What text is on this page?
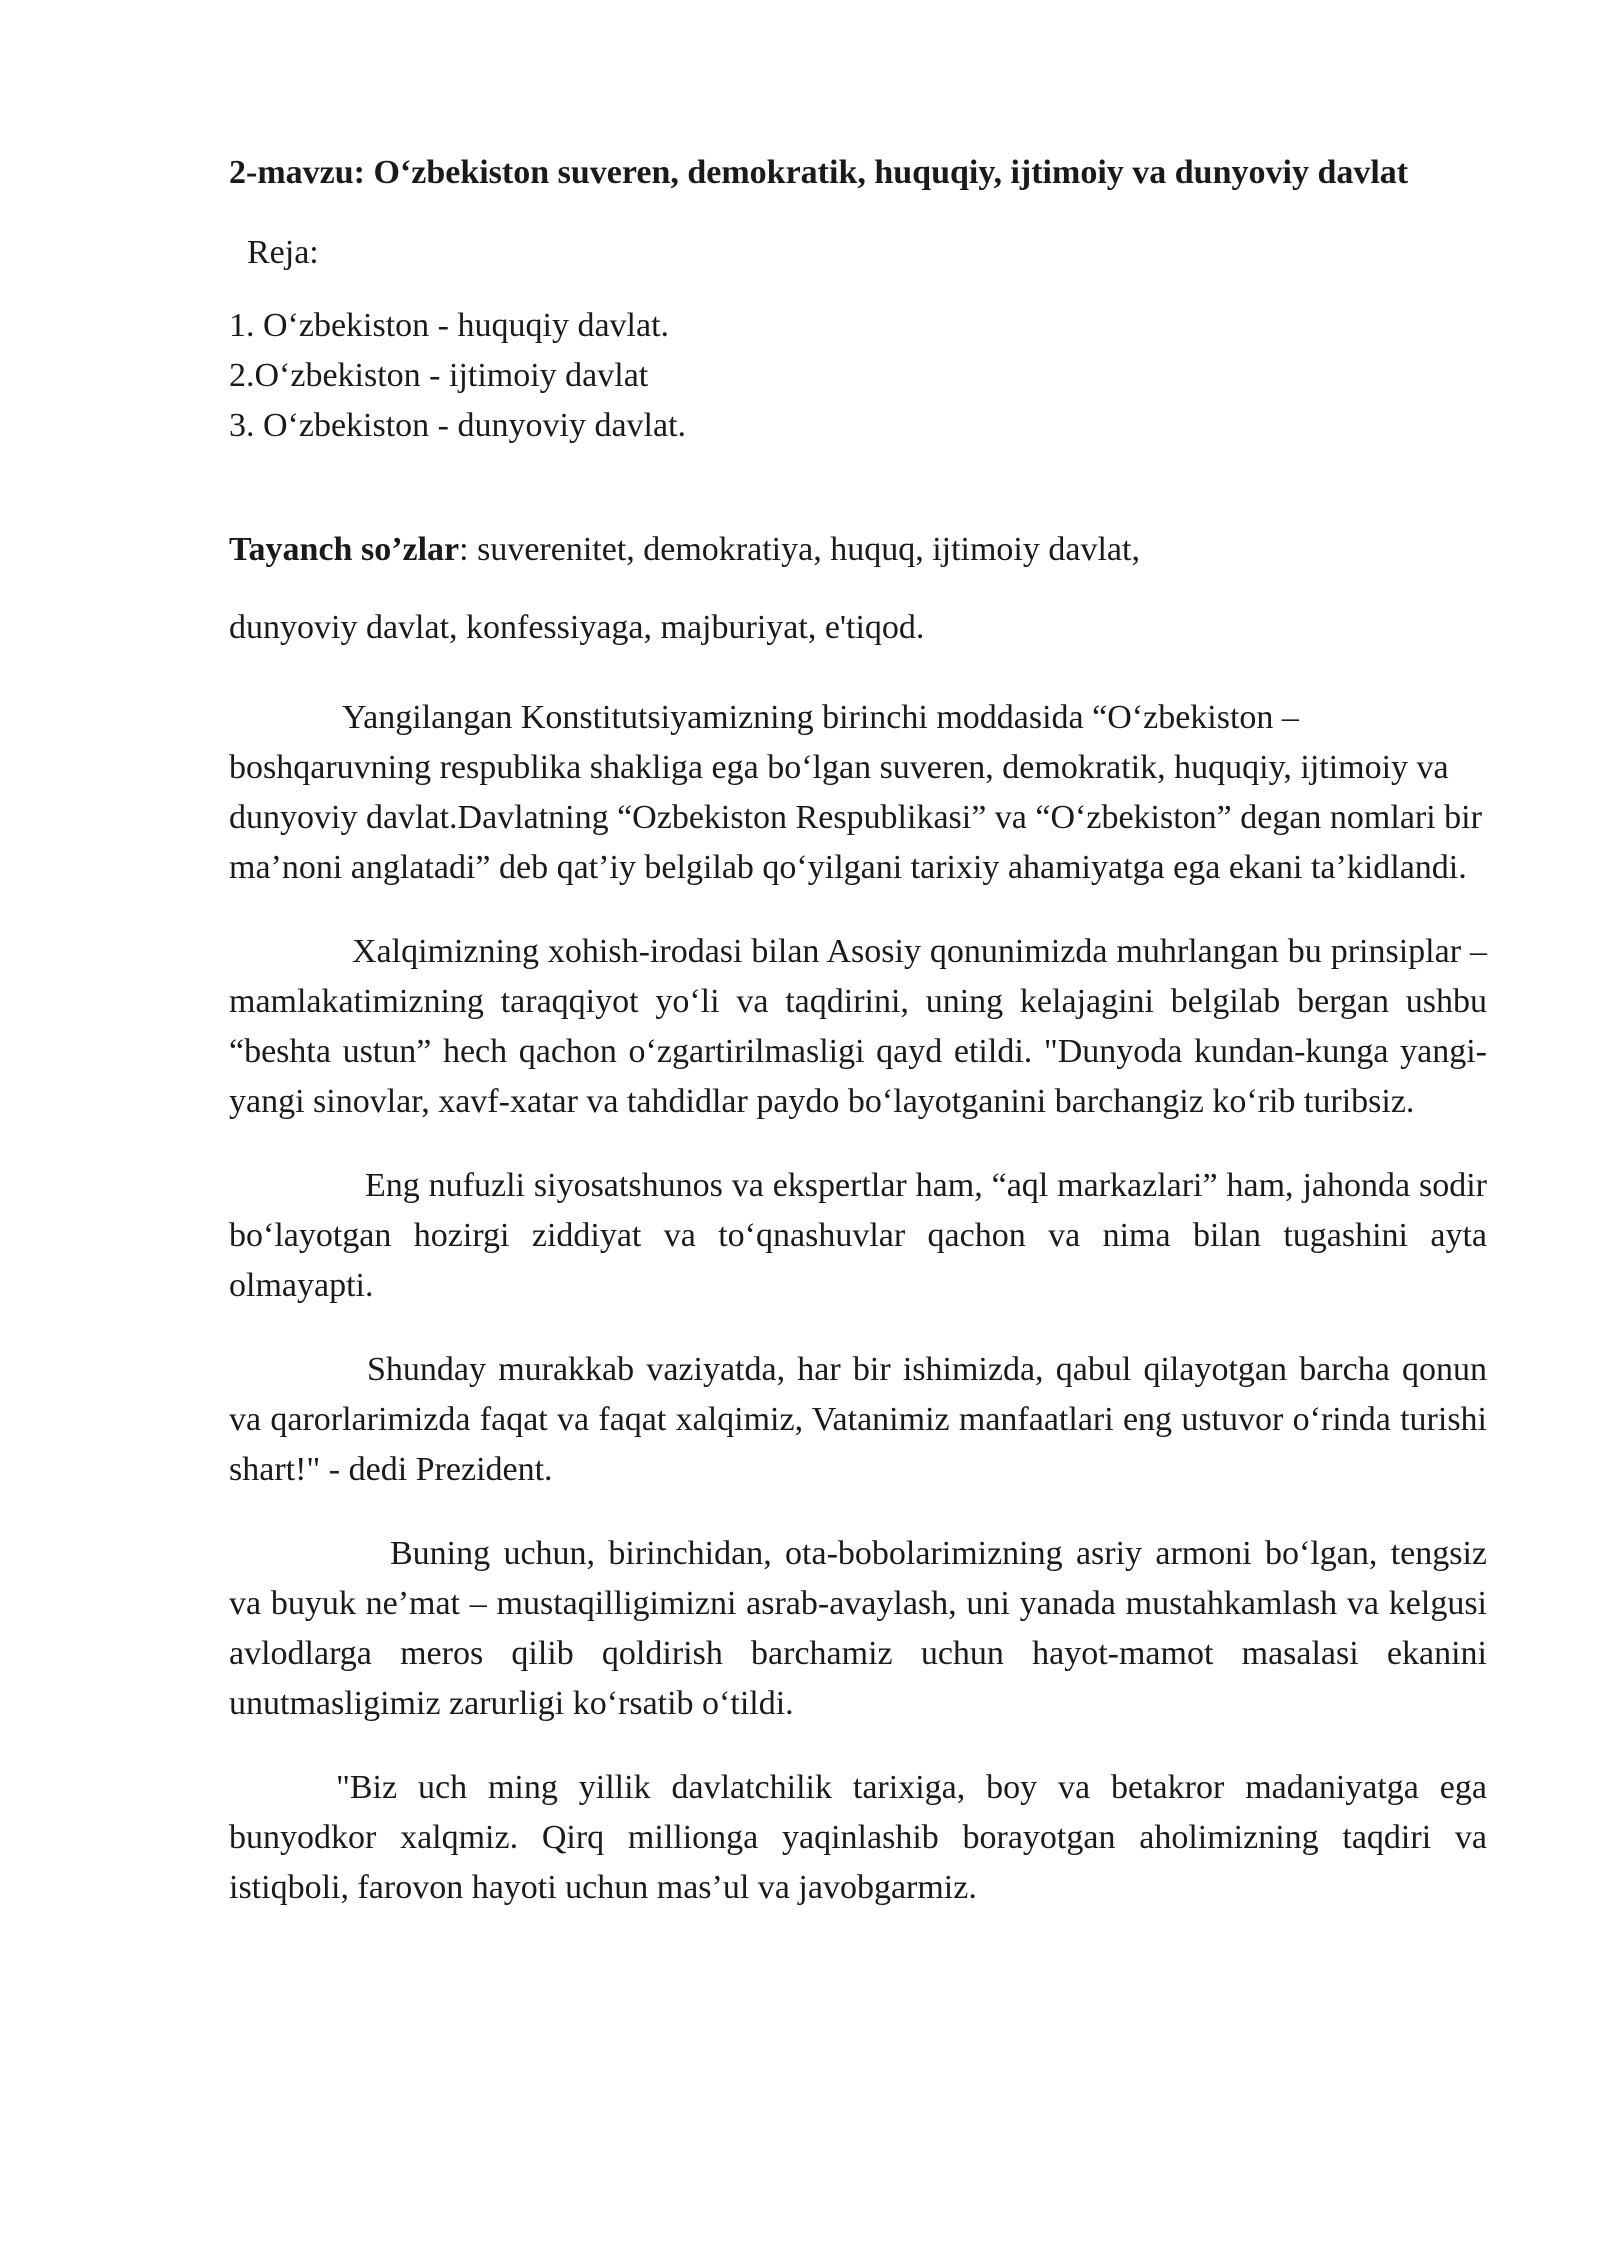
2-mavzu: O‘zbekiston suveren, demokratik, huquqiy, ijtimoiy va dunyoviy davlat
Reja:
1. O‘zbekiston - huquqiy davlat.
2.O‘zbekiston - ijtimoiy davlat
3. O‘zbekiston - dunyoviy davlat.
Tayanch so’zlar: suverenitet, demokratiya, huquq, ijtimoiy davlat,
dunyoviy davlat, konfessiyaga, majburiyat, e'tiqod.

Yangilangan Konstitutsiyamizning birinchi moddasida “O‘zbekiston – boshqaruvning respublika shakliga ega bo‘lgan suveren, demokratik, huquqiy, ijtimoiy va dunyoviy davlat.Davlatning “Ozbekiston Respublikasi” va “O‘zbekiston” degan nomlari bir ma’noni anglatadi” deb qat’iy belgilab qo‘yilgani tarixiy ahamiyatga ega ekani ta’kidlandi.

Xalqimizning xohish-irodasi bilan Asosiy qonunimizda muhrlangan bu prinsiplar – mamlakatimizning taraqqiyot yo‘li va taqdirini, uning kelajagini belgilab bergan ushbu “beshta ustun” hech qachon o‘zgartirilmasligi qayd etildi. "Dunyoda kundan-kunga yangi-yangi sinovlar, xavf-xatar va tahdidlar paydo bo‘layotganini barchangiz ko‘rib turibsiz.

Eng nufuzli siyosatshunos va ekspertlar ham, “aql markazlari” ham, jahonda sodir bo‘layotgan hozirgi ziddiyat va to‘qnashuvlar qachon va nima bilan tugashini ayta olmayapti.

Shunday murakkab vaziyatda, har bir ishimizda, qabul qilayotgan barcha qonun va qarorlarimizda faqat va faqat xalqimiz, Vatanimiz manfaatlari eng ustuvor o‘rinda turishi shart!" - dedi Prezident.

Buning uchun, birinchidan, ota-bobolarimizning asriy armoni bo‘lgan, tengsiz va buyuk ne’mat – mustaqilligimizni asrab-avaylash, uni yanada mustahkamlash va kelgusi avlodlarga meros qilib qoldirish barchamiz uchun hayot-mamot masalasi ekanini unutmasligimiz zarurligi ko‘rsatib o‘tildi.

"Biz uch ming yillik davlatchilik tarixiga, boy va betakror madaniyatga ega bunyodkor xalqmiz. Qirq millionga yaqinlashib borayotgan aholimizning taqdiri va istiqboli, farovon hayoti uchun mas’ul va javobgarmiz.
